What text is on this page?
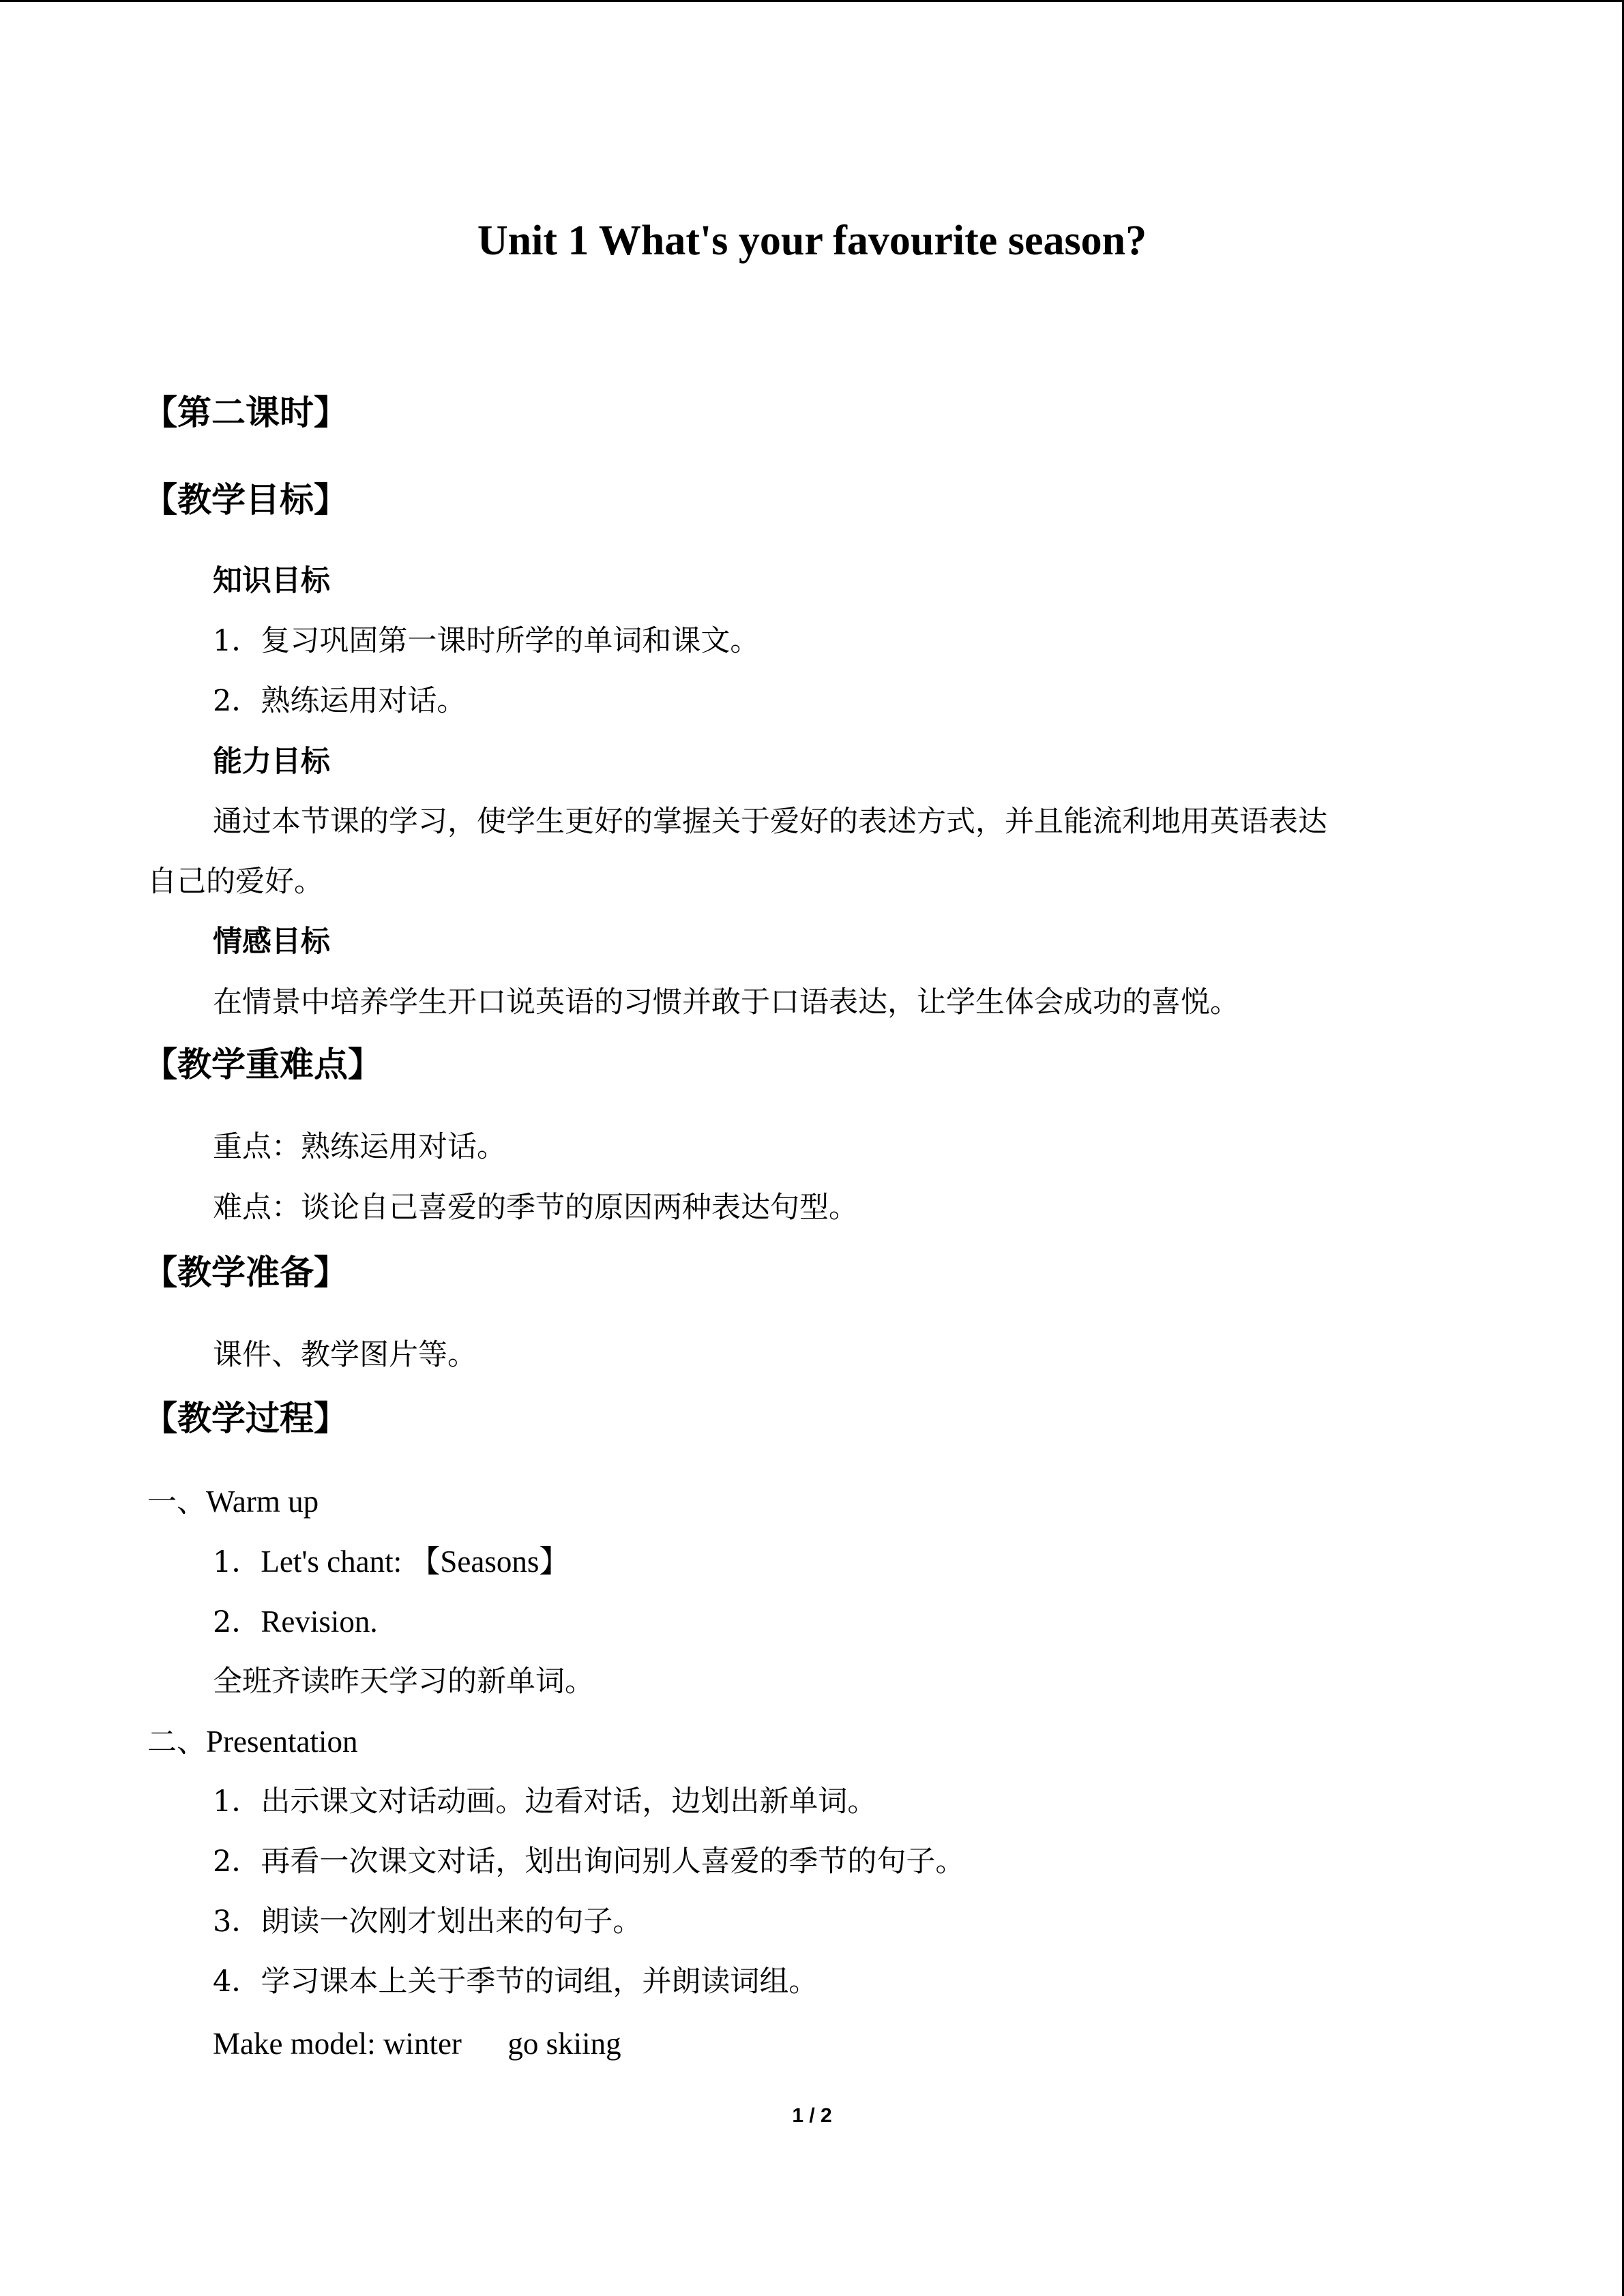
Unit 1 What's your favourite season?
【第二课时】
【教学目标】
知识目标
1．复习巩固第一课时所学的单词和课文。
2．熟练运用对话。
能力目标
通过本节课的学习，使学生更好的掌握关于爱好的表述方式，并且能流利地用英语表达
自己的爱好。
情感目标
在情景中培养学生开口说英语的习惯并敢于口语表达，让学生体会成功的喜悦。
【教学重难点】
重点：熟练运用对话。
难点：谈论自己喜爱的季节的原因两种表达句型。
【教学准备】
课件、教学图片等。
【教学过程】
一、Warm up
1．Let's chant: 【Seasons】
2．Revision.
全班齐读昨天学习的新单词。
二、Presentation
1．出示课文对话动画。边看对话，边划出新单词。
2．再看一次课文对话，划出询问别人喜爱的季节的句子。
3．朗读一次刚才划出来的句子。
4．学习课本上关于季节的词组，并朗读词组。
Make model: winter      go skiing
1 / 2
